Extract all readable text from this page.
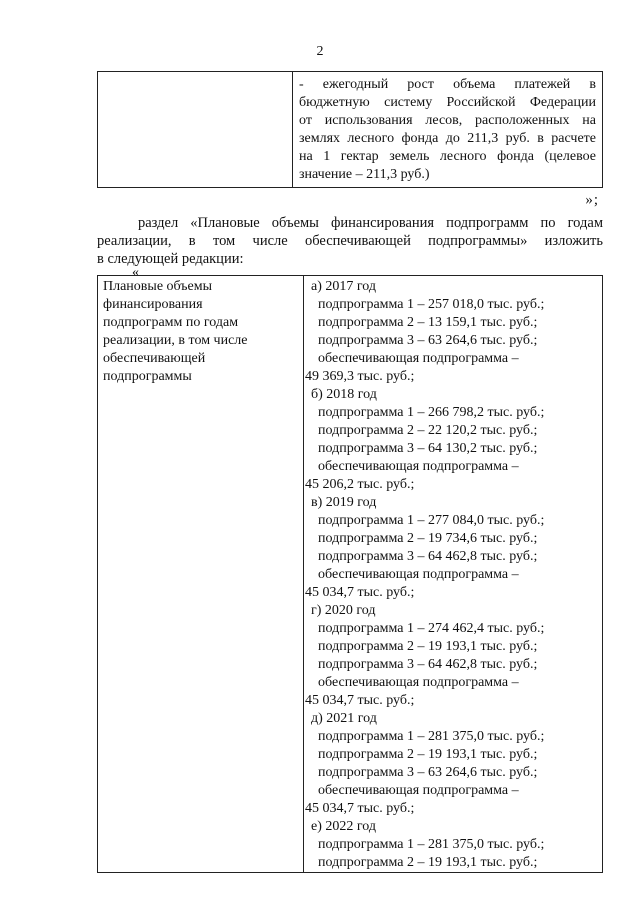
2

- ежегодный рост объема платежей в
бюджетную систему Российской Федерации
от использования лесов, расположенных на
землях лесного фонда до 211,3 руб. в расчете
на 1 гектар земель лесного фонда (целевое
значение – 211,3 руб.)
»;
раздел «Плановые объемы финансирования подпрограмм по годам
реализации, в том числе обеспечивающей подпрограммы» изложить
в следующей редакции:
«
Плановые объемы
финансирования
подпрограмм по годам
реализации, в том числе
обеспечивающей
подпрограммы

а) 2017 год
подпрограмма 1 – 257 018,0 тыс. руб.;
подпрограмма 2 – 13 159,1 тыс. руб.;
подпрограмма 3 – 63 264,6 тыс. руб.;
обеспечивающая подпрограмма –
49 369,3 тыс. руб.;
б) 2018 год
подпрограмма 1 – 266 798,2 тыс. руб.;
подпрограмма 2 – 22 120,2 тыс. руб.;
подпрограмма 3 – 64 130,2 тыс. руб.;
обеспечивающая подпрограмма –
45 206,2 тыс. руб.;
в) 2019 год
подпрограмма 1 – 277 084,0 тыс. руб.;
подпрограмма 2 – 19 734,6 тыс. руб.;
подпрограмма 3 – 64 462,8 тыс. руб.;
обеспечивающая подпрограмма –
45 034,7 тыс. руб.;
г) 2020 год
подпрограмма 1 – 274 462,4 тыс. руб.;
подпрограмма 2 – 19 193,1 тыс. руб.;
подпрограмма 3 – 64 462,8 тыс. руб.;
обеспечивающая подпрограмма –
45 034,7 тыс. руб.;
д) 2021 год
подпрограмма 1 – 281 375,0 тыс. руб.;
подпрограмма 2 – 19 193,1 тыс. руб.;
подпрограмма 3 – 63 264,6 тыс. руб.;
обеспечивающая подпрограмма –
45 034,7 тыс. руб.;
е) 2022 год
подпрограмма 1 – 281 375,0 тыс. руб.;
подпрограмма 2 – 19 193,1 тыс. руб.;
